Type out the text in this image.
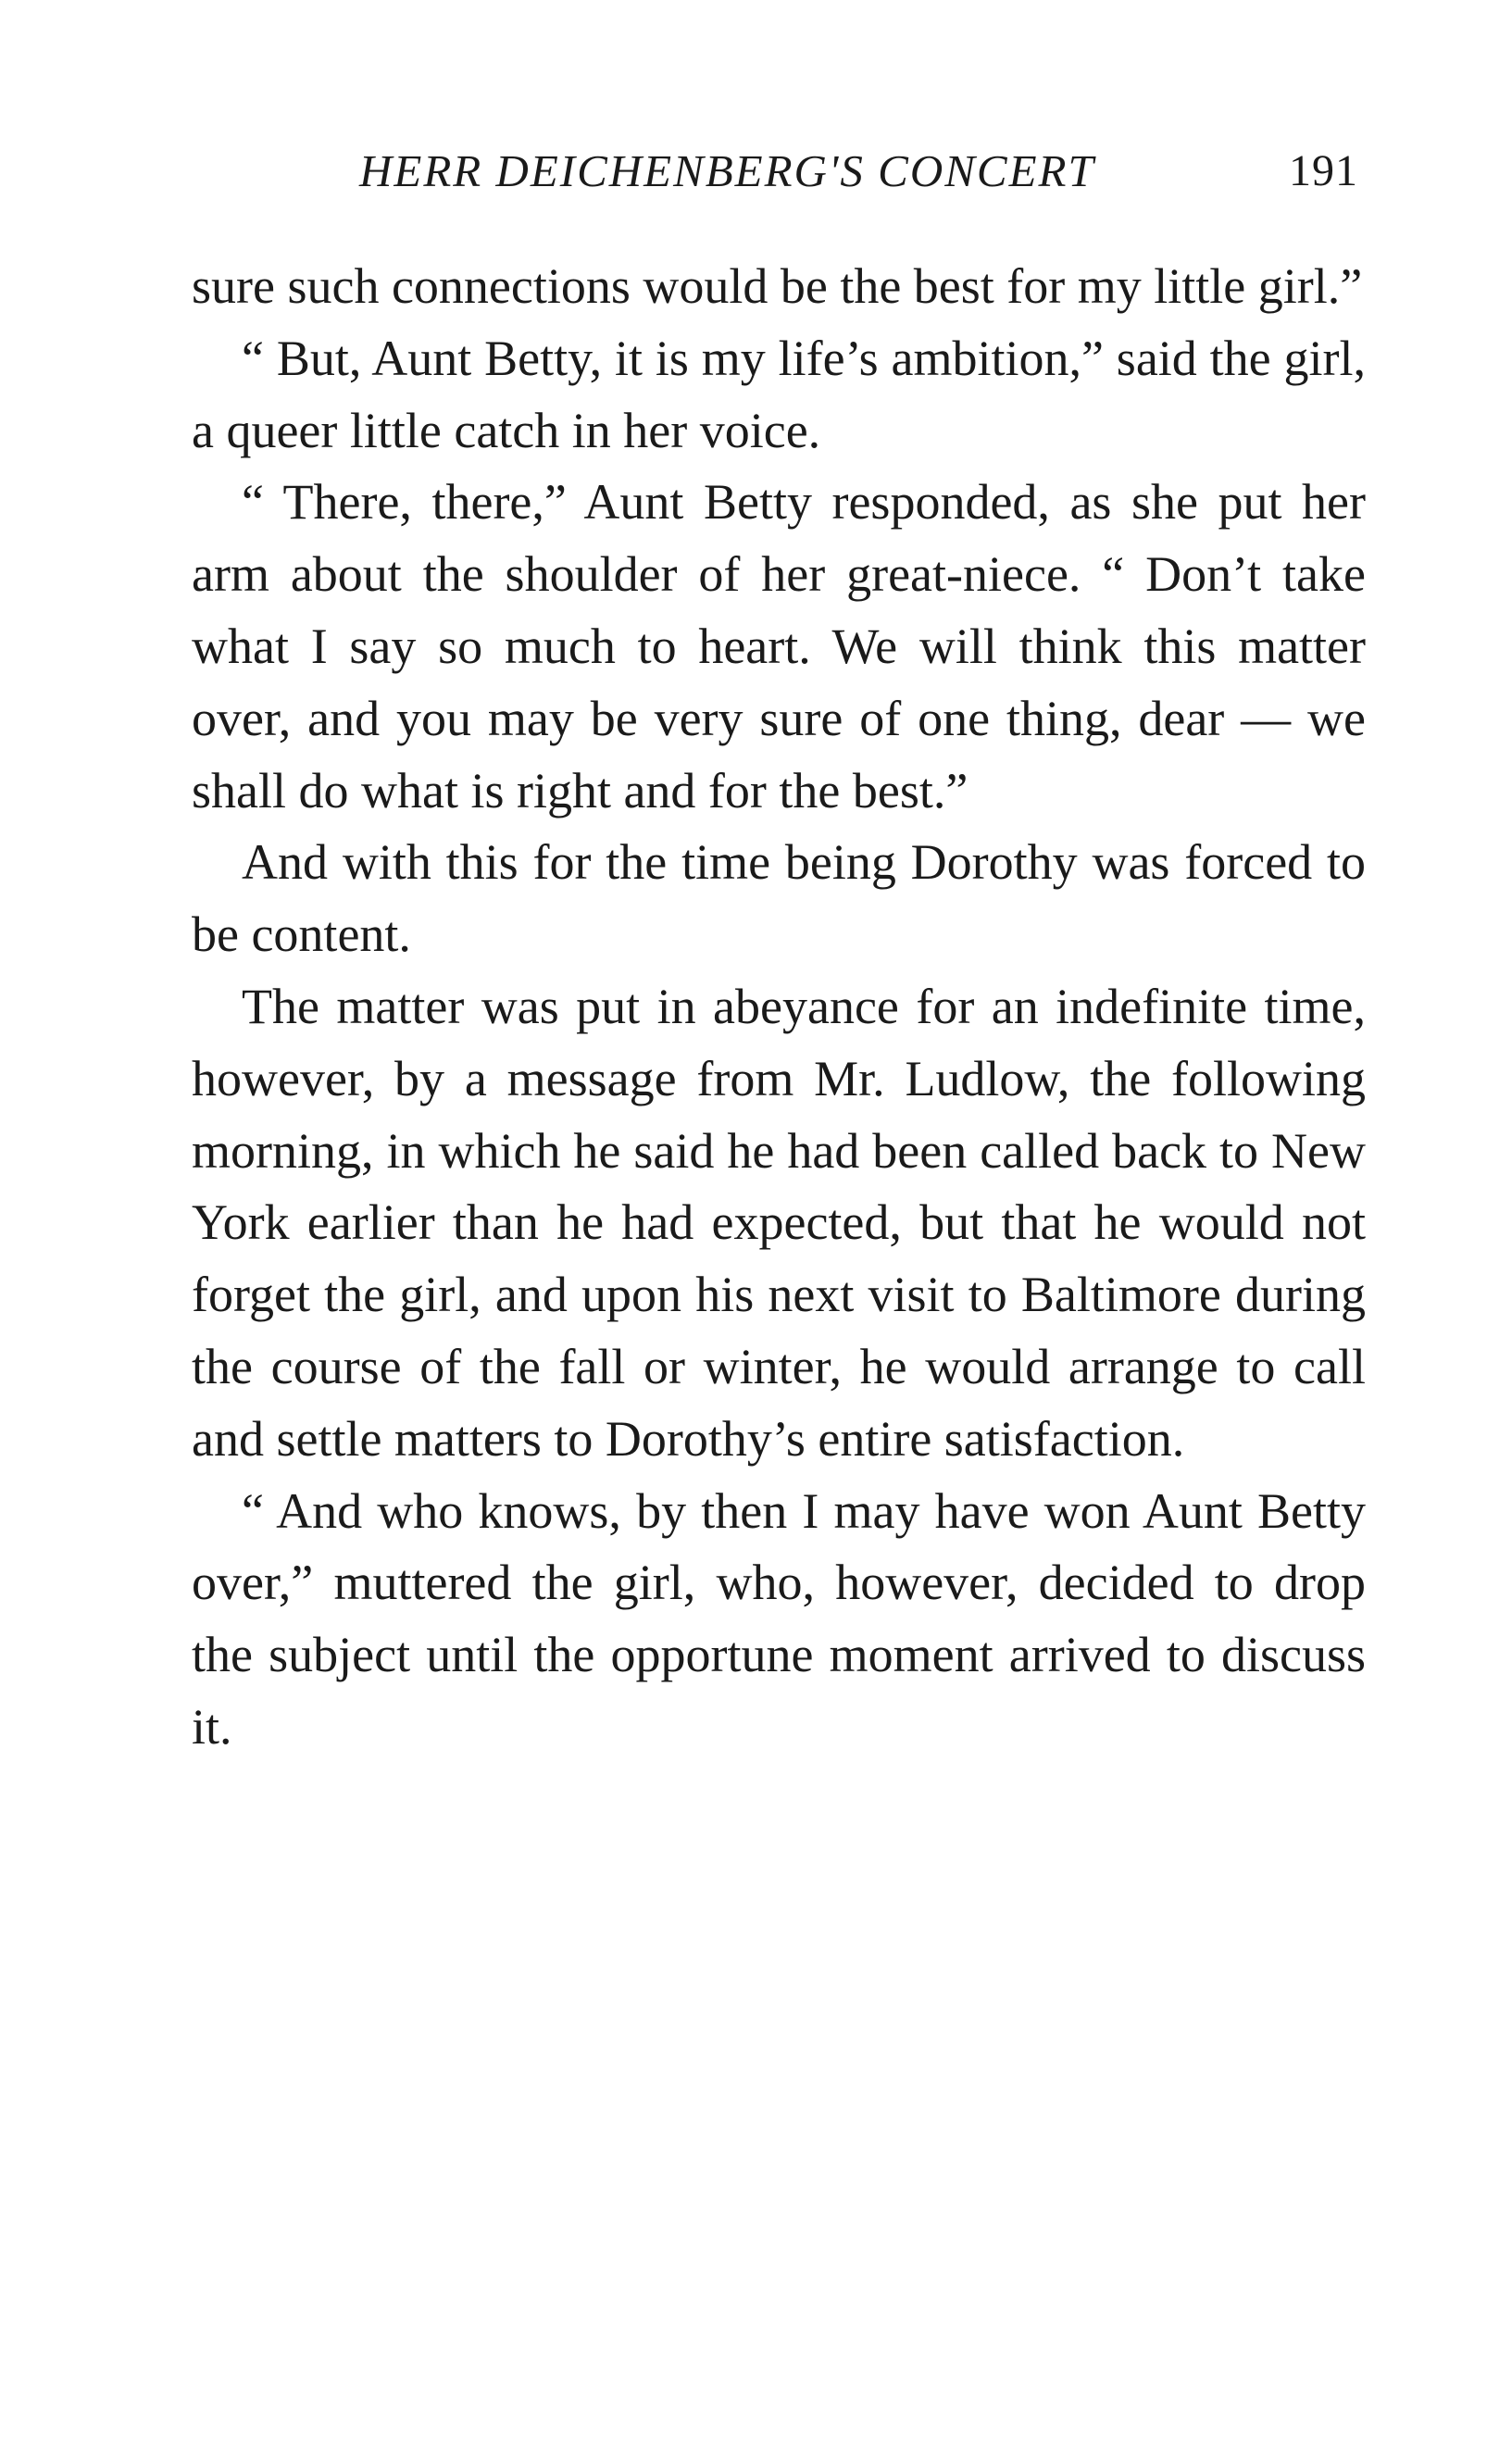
HERR DEICHENBERG'S CONCERT	191

sure such connections would be the best for my little girl.”

“ But, Aunt Betty, it is my life’s ambition,” said the girl, a queer little catch in her voice.

“ There, there,” Aunt Betty responded, as she put her arm about the shoulder of her great-niece. “ Don’t take what I say so much to heart. We will think this matter over, and you may be very sure of one thing, dear — we shall do what is right and for the best.”

And with this for the time being Dorothy was forced to be content.

The matter was put in abeyance for an indefinite time, however, by a message from Mr. Ludlow, the following morning, in which he said he had been called back to New York earlier than he had expected, but that he would not forget the girl, and upon his next visit to Baltimore during the course of the fall or winter, he would arrange to call and settle matters to Dorothy’s entire satisfaction.

“ And who knows, by then I may have won Aunt Betty over,” muttered the girl, who, however, decided to drop the subject until the opportune moment arrived to discuss it.
